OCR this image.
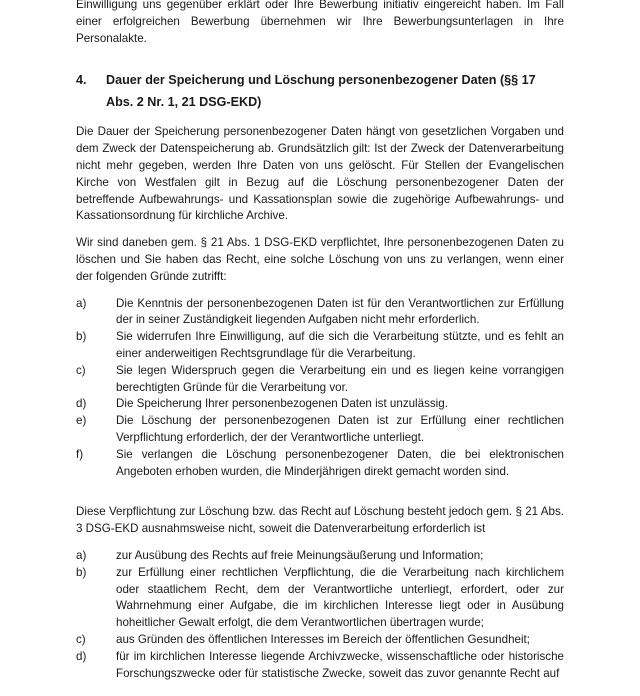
Einwilligung uns gegenüber erklärt oder Ihre Bewerbung initiativ eingereicht haben. Im Fall einer erfolgreichen Bewerbung übernehmen wir Ihre Bewerbungsunterlagen in Ihre Personalakte.

4.	Dauer der Speicherung und Löschung personenbezogener Daten (§§ 17 Abs. 2 Nr. 1, 21 DSG-EKD)

Die Dauer der Speicherung personenbezogener Daten hängt von gesetzlichen Vorgaben und dem Zweck der Datenspeicherung ab. Grundsätzlich gilt: Ist der Zweck der Datenverarbeitung nicht mehr gegeben, werden Ihre Daten von uns gelöscht. Für Stellen der Evangelischen Kirche von Westfalen gilt in Bezug auf die Löschung personenbezogener Daten der betreffende Aufbewahrungs- und Kassationsplan sowie die zugehörige Aufbewahrungs- und Kassationsordnung für kirchliche Archive.

Wir sind daneben gem. § 21 Abs. 1 DSG-EKD verpflichtet, Ihre personenbezogenen Daten zu löschen und Sie haben das Recht, eine solche Löschung von uns zu verlangen, wenn einer der folgenden Gründe zutrifft:

a)	Die Kenntnis der personenbezogenen Daten ist für den Verantwortlichen zur Erfüllung der in seiner Zuständigkeit liegenden Aufgaben nicht mehr erforderlich.
b)	Sie widerrufen Ihre Einwilligung, auf die sich die Verarbeitung stützte, und es fehlt an einer anderweitigen Rechtsgrundlage für die Verarbeitung.
c)	Sie legen Widerspruch gegen die Verarbeitung ein und es liegen keine vorrangigen berechtigten Gründe für die Verarbeitung vor.
d)	Die Speicherung Ihrer personenbezogenen Daten ist unzulässig.
e)	Die Löschung der personenbezogenen Daten ist zur Erfüllung einer rechtlichen Verpflichtung erforderlich, der der Verantwortliche unterliegt.
f)	Sie verlangen die Löschung personenbezogener Daten, die bei elektronischen Angeboten erhoben wurden, die Minderjährigen direkt gemacht worden sind.

Diese Verpflichtung zur Löschung bzw. das Recht auf Löschung besteht jedoch gem. § 21 Abs. 3 DSG-EKD ausnahmsweise nicht, soweit die Datenverarbeitung erforderlich ist

a)	zur Ausübung des Rechts auf freie Meinungsäußerung und Information;
b)	zur Erfüllung einer rechtlichen Verpflichtung, die die Verarbeitung nach kirchlichem oder staatlichem Recht, dem der Verantwortliche unterliegt, erfordert, oder zur Wahrnehmung einer Aufgabe, die im kirchlichen Interesse liegt oder in Ausübung hoheitlicher Gewalt erfolgt, die dem Verantwortlichen übertragen wurde;
c)	aus Gründen des öffentlichen Interesses im Bereich der öffentlichen Gesundheit;
d)	für im kirchlichen Interesse liegende Archivzwecke, wissenschaftliche oder historische Forschungszwecke oder für statistische Zwecke, soweit das zuvor genannte Recht auf
